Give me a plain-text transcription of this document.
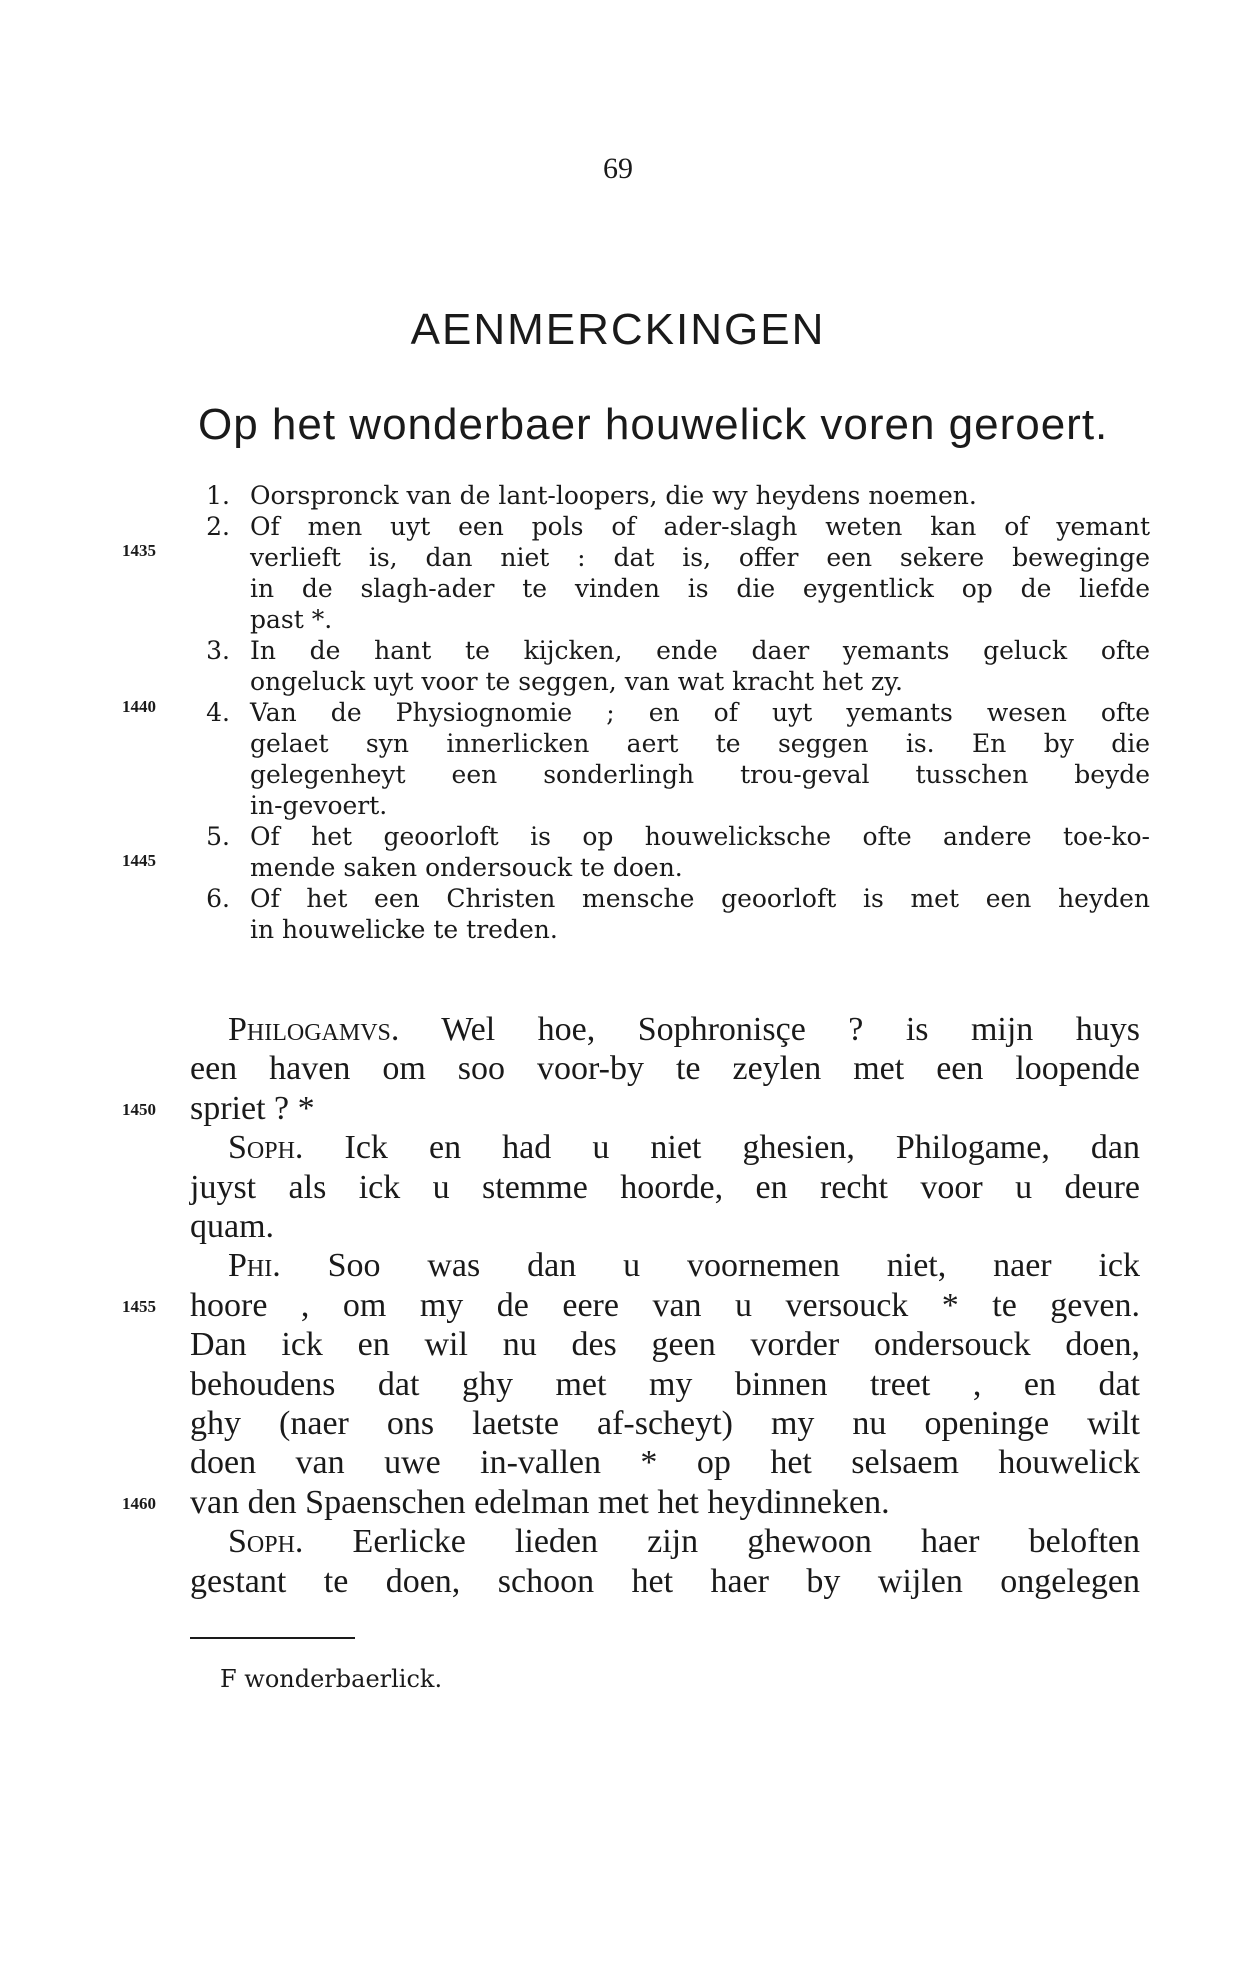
69
AENMERCKINGEN
Op het wonderbaer houwelick voren geroert.
1435
1440
1445
1. Oorspronck van de lant-loopers, die wy heydens noemen.
2. Of men uyt een pols of ader-slagh weten kan of yemant
verlieft is, dan niet : dat is, offer een sekere beweginge
in de slagh-ader te vinden is die eygentlick op de liefde
past *.
3. In de hant te kijcken, ende daer yemants geluck ofte
ongeluck uyt voor te seggen, van wat kracht het zy.
4. Van de Physiognomie ; en of uyt yemants wesen ofte
gelaet syn innerlicken aert te seggen is. En by die
gelegenheyt een sonderlingh trou-geval tusschen beyde
in-gevoert.
5. Of het geoorloft is op houwelicksche ofte andere toe-ko-
mende saken ondersouck te doen.
6. Of het een Christen mensche geoorloft is met een heyden
in houwelicke te treden.
1450
1455
1460
Philogamvs. Wel hoe, Sophronisçe ? is mijn huys
een haven om soo voor-by te zeylen met een loopende
spriet ? *
Soph. Ick en had u niet ghesien, Philogame, dan
juyst als ick u stemme hoorde, en recht voor u deure
quam.
Phi. Soo was dan u voornemen niet, naer ick
hoore , om my de eere van u versouck * te geven.
Dan ick en wil nu des geen vorder ondersouck doen,
behoudens dat ghy met my binnen treet , en dat
ghy (naer ons laetste af-scheyt) my nu openinge wilt
doen van uwe in-vallen * op het selsaem houwelick
van den Spaenschen edelman met het heydinneken.
Soph. Eerlicke lieden zijn ghewoon haer beloften
gestant te doen, schoon het haer by wijlen ongelegen
F wonderbaerlick.
